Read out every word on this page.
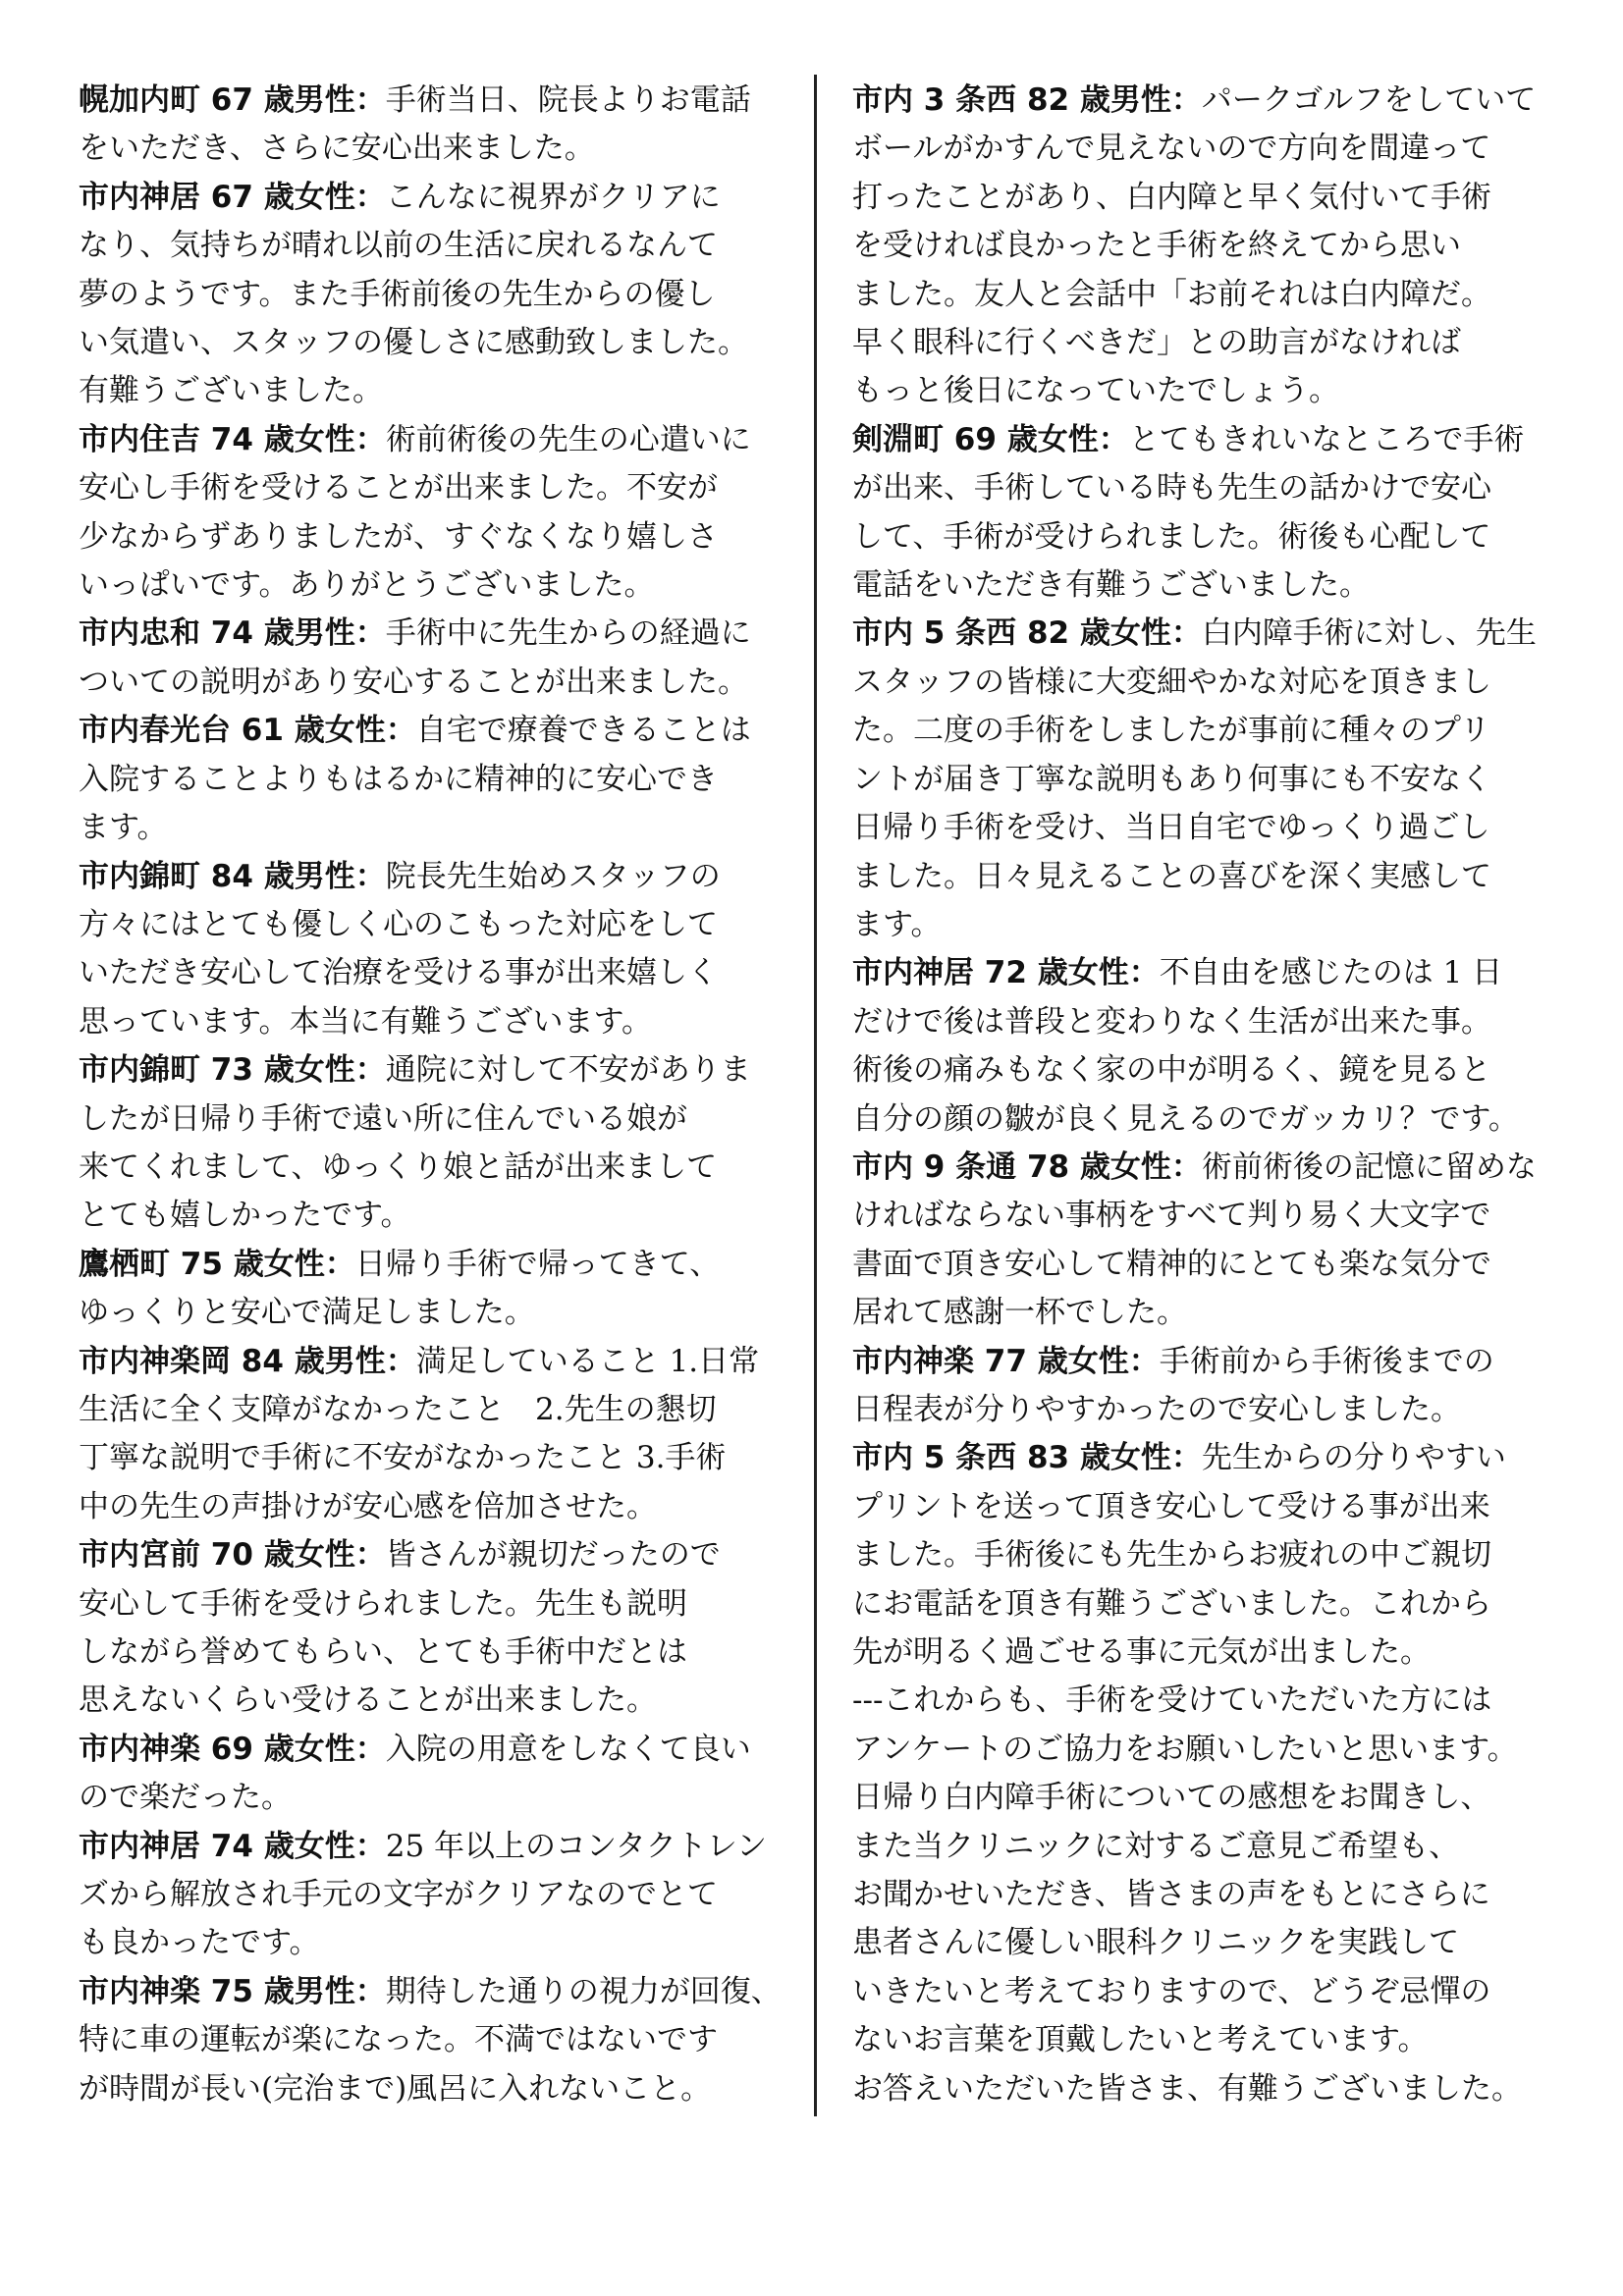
幌加内町 67 歳男性：手術当日、院長よりお電話
をいただき、さらに安心出来ました。

市内神居 67 歳女性：こんなに視界がクリアに
なり、気持ちが晴れ以前の生活に戻れるなんて
夢のようです。また手術前後の先生からの優し
い気遣い、スタッフの優しさに感動致しました。
有難うございました。

市内住吉 74 歳女性：術前術後の先生の心遣いに
安心し手術を受けることが出来ました。不安が
少なからずありましたが、すぐなくなり嬉しさ
いっぱいです。ありがとうございました。

市内忠和 74 歳男性：手術中に先生からの経過に
ついての説明があり安心することが出来ました。

市内春光台 61 歳女性：自宅で療養できることは
入院することよりもはるかに精神的に安心でき
ます。

市内錦町 84 歳男性：院長先生始めスタッフの
方々にはとても優しく心のこもった対応をして
いただき安心して治療を受ける事が出来嬉しく
思っています。本当に有難うございます。

市内錦町 73 歳女性：通院に対して不安がありま
したが日帰り手術で遠い所に住んでいる娘が
来てくれまして、ゆっくり娘と話が出来まして
とても嬉しかったです。

鷹栖町 75 歳女性：日帰り手術で帰ってきて、
ゆっくりと安心で満足しました。

市内神楽岡 84 歳男性：満足していること 1.日常
生活に全く支障がなかったこと　2.先生の懇切
丁寧な説明で手術に不安がなかったこと 3.手術
中の先生の声掛けが安心感を倍加させた。

市内宮前 70 歳女性：皆さんが親切だったので
安心して手術を受けられました。先生も説明
しながら誉めてもらい、とても手術中だとは
思えないくらい受けることが出来ました。

市内神楽 69 歳女性：入院の用意をしなくて良い
ので楽だった。

市内神居 74 歳女性：25 年以上のコンタクトレン
ズから解放され手元の文字がクリアなのでとて
も良かったです。

市内神楽 75 歳男性：期待した通りの視力が回復、
特に車の運転が楽になった。不満ではないです
が時間が長い(完治まで)風呂に入れないこと。

市内 3 条西 82 歳男性：パークゴルフをしていて
ボールがかすんで見えないので方向を間違って
打ったことがあり、白内障と早く気付いて手術
を受ければ良かったと手術を終えてから思い
ました。友人と会話中「お前それは白内障だ。
早く眼科に行くべきだ」との助言がなければ
もっと後日になっていたでしょう。

剣淵町 69 歳女性：とてもきれいなところで手術
が出来、手術している時も先生の話かけで安心
して、手術が受けられました。術後も心配して
電話をいただき有難うございました。

市内 5 条西 82 歳女性：白内障手術に対し、先生
スタッフの皆様に大変細やかな対応を頂きまし
た。二度の手術をしましたが事前に種々のプリ
ントが届き丁寧な説明もあり何事にも不安なく
日帰り手術を受け、当日自宅でゆっくり過ごし
ました。日々見えることの喜びを深く実感して
ます。

市内神居 72 歳女性：不自由を感じたのは 1 日
だけで後は普段と変わりなく生活が出来た事。
術後の痛みもなく家の中が明るく、鏡を見ると
自分の顔の皺が良く見えるのでガッカリ？です。

市内 9 条通 78 歳女性：術前術後の記憶に留めな
ければならない事柄をすべて判り易く大文字で
書面で頂き安心して精神的にとても楽な気分で
居れて感謝一杯でした。

市内神楽 77 歳女性：手術前から手術後までの
日程表が分りやすかったので安心しました。

市内 5 条西 83 歳女性：先生からの分りやすい
プリントを送って頂き安心して受ける事が出来
ました。手術後にも先生からお疲れの中ご親切
にお電話を頂き有難うございました。これから
先が明るく過ごせる事に元気が出ました。

---これからも、手術を受けていただいた方には
アンケートのご協力をお願いしたいと思います。
日帰り白内障手術についての感想をお聞きし、
また当クリニックに対するご意見ご希望も、
お聞かせいただき、皆さまの声をもとにさらに
患者さんに優しい眼科クリニックを実践して
いきたいと考えておりますので、どうぞ忌憚の
ないお言葉を頂戴したいと考えています。
お答えいただいた皆さま、有難うございました。
